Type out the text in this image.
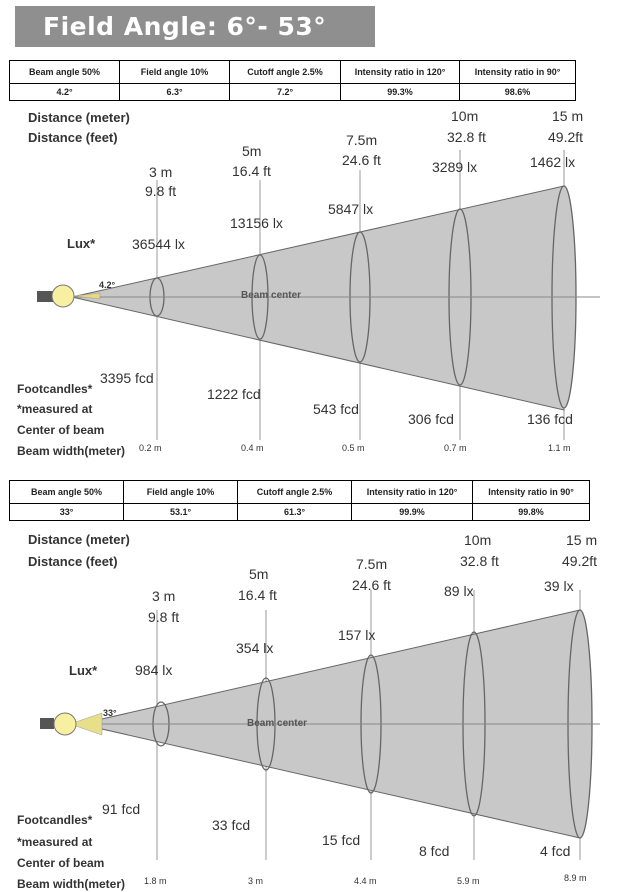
Field Angle: 6°- 53°
Beam angle 50%	Field angle 10%	Cutoff angle 2.5%	Intensity ratio in 120°	Intensity ratio in 90°
4.2°	6.3°	7.2°	99.3%	98.6%
Distance (meter)
Distance (feet)
Lux*
4.2°
Beam center
Footcandles*
*measured at
Center of beam
Beam width(meter)
3 m
9.8 ft
36544 lx
3395 fcd
0.2 m
5m
16.4 ft
13156 lx
1222 fcd
0.4 m
7.5m
24.6 ft
5847 lx
543 fcd
0.5 m
10m
32.8 ft
3289 lx
306 fcd
0.7 m
15 m
49.2ft
1462 lx
136 fcd
1.1 m
Beam angle 50%	Field angle 10%	Cutoff angle 2.5%	Intensity ratio in 120°	Intensity ratio in 90°
33°	53.1°	61.3°	99.9%	99.8%
Distance (meter)
Distance (feet)
Lux*
33°
Beam center
Footcandles*
*measured at
Center of beam
Beam width(meter)
3 m
9.8 ft
984 lx
91 fcd
1.8 m
5m
16.4 ft
354 lx
33 fcd
3 m
7.5m
24.6 ft
157 lx
15 fcd
4.4 m
10m
32.8 ft
89 lx
8 fcd
5.9 m
15 m
49.2ft
39 lx
4 fcd
8.9 m
